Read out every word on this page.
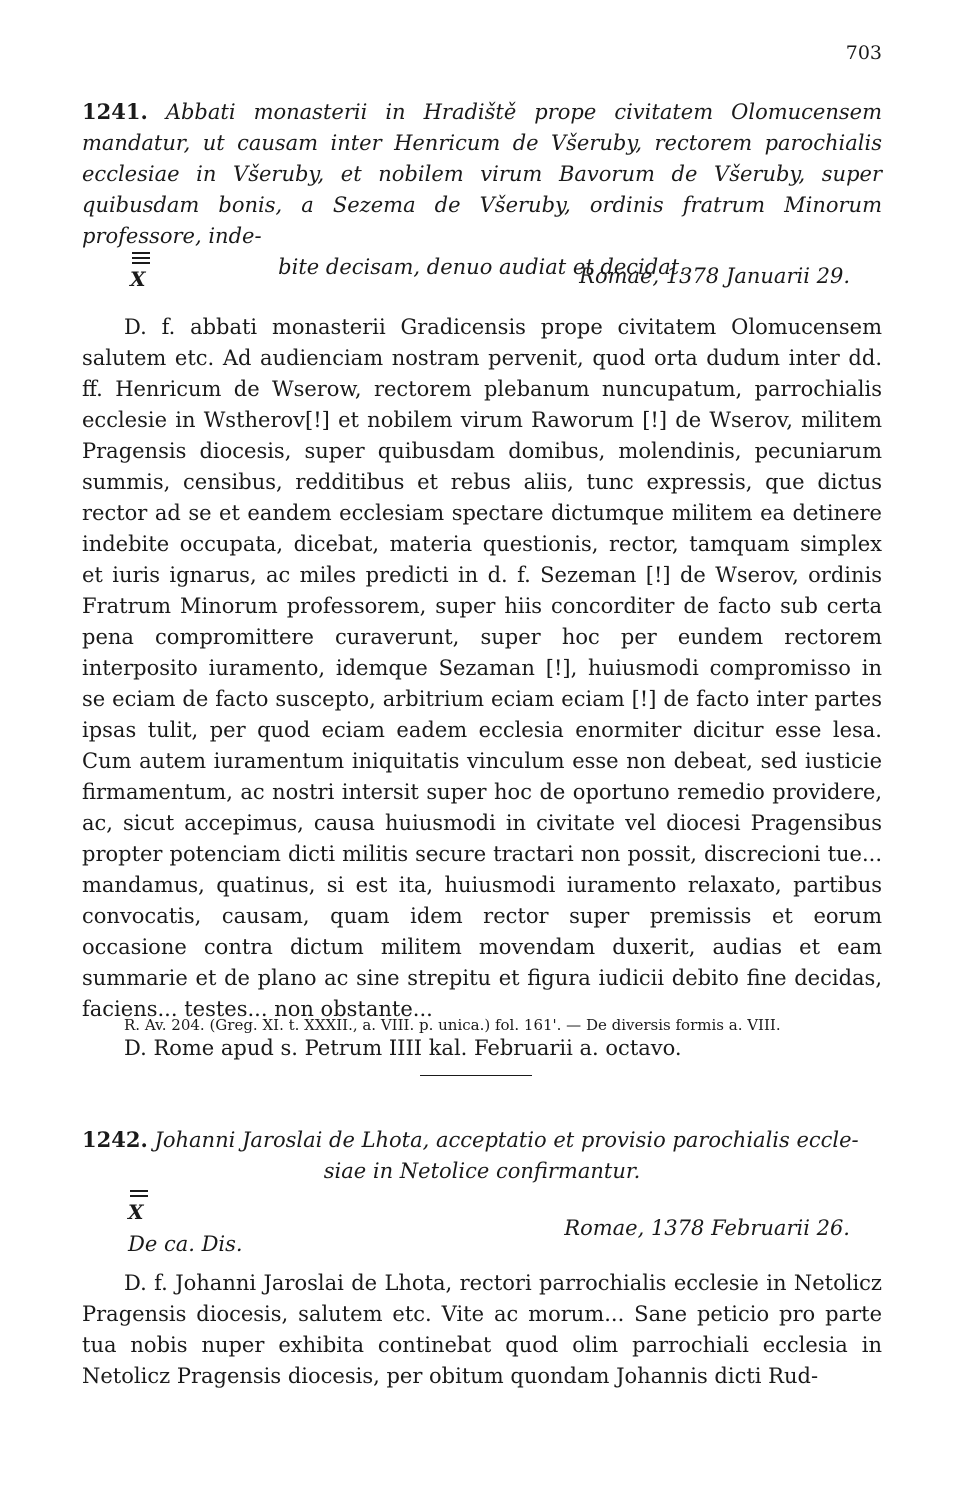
703
1241. Abbati monasterii in Hradiště prope civitatem Olomucensem mandatur, ut causam inter Henricum de Všeruby, rectorem parochialis ecclesiae in Všeruby, et nobilem virum Bavorum de Všeruby, super quibusdam bonis, a Sezema de Všeruby, ordinis fratrum Minorum professore, inde-
bite decisam, denuo audiat et decidat.
X	Romae, 1378 Januarii 29.

D. f. abbati monasterii Gradicensis prope civitatem Olomucensem salutem etc. Ad audienciam nostram pervenit, quod orta dudum inter dd. ff. Henricum de Wserow, rectorem plebanum nuncupatum, parrochialis ecclesie in Wstherov[!] et nobilem virum Raworum [!] de Wserov, militem Pragensis diocesis, super quibusdam domibus, molendinis, pecuniarum summis, censibus, redditibus et rebus aliis, tunc expressis, que dictus rector ad se et eandem ecclesiam spectare dictumque militem ea detinere indebite occupata, dicebat, materia questionis, rector, tamquam simplex et iuris ignarus, ac miles predicti in d. f. Sezeman [!] de Wserov, ordinis Fratrum Minorum professorem, super hiis concorditer de facto sub certa pena compromittere curaverunt, super hoc per eundem rectorem interposito iuramento, idemque Sezaman [!], huiusmodi compromisso in se eciam de facto suscepto, arbitrium eciam eciam [!] de facto inter partes ipsas tulit, per quod eciam eadem ecclesia enormiter dicitur esse lesa. Cum autem iuramentum iniquitatis vinculum esse non debeat, sed iusticie firmamentum, ac nostri intersit super hoc de oportuno remedio providere, ac, sicut accepimus, causa huiusmodi in civitate vel diocesi Pragensibus propter potenciam dicti militis secure tractari non possit, discrecioni tue... mandamus, quatinus, si est ita, huiusmodi iuramento relaxato, partibus convocatis, causam, quam idem rector super premissis et eorum occasione contra dictum militem movendam duxerit, audias et eam summarie et de plano ac sine strepitu et figura iudicii debito fine decidas, faciens... testes... non obstante...

D. Rome apud s. Petrum IIII kal. Februarii a. octavo.

R. Av. 204. (Greg. XI. t. XXXII., a. VIII. p. unica.) fol. 161'. — De diversis formis a. VIII.
1242. Johanni Jaroslai de Lhota, acceptatio et provisio parochialis eccle-
siae in Netolice confirmantur.
X
De ca. Dis.
Romae, 1378 Februarii 26.

D. f. Johanni Jaroslai de Lhota, rectori parrochialis ecclesie in Netolicz Pragensis diocesis, salutem etc. Vite ac morum... Sane peticio pro parte tua nobis nuper exhibita continebat quod olim parrochiali ecclesia in Netolicz Pragensis diocesis, per obitum quondam Johannis dicti Rud-
